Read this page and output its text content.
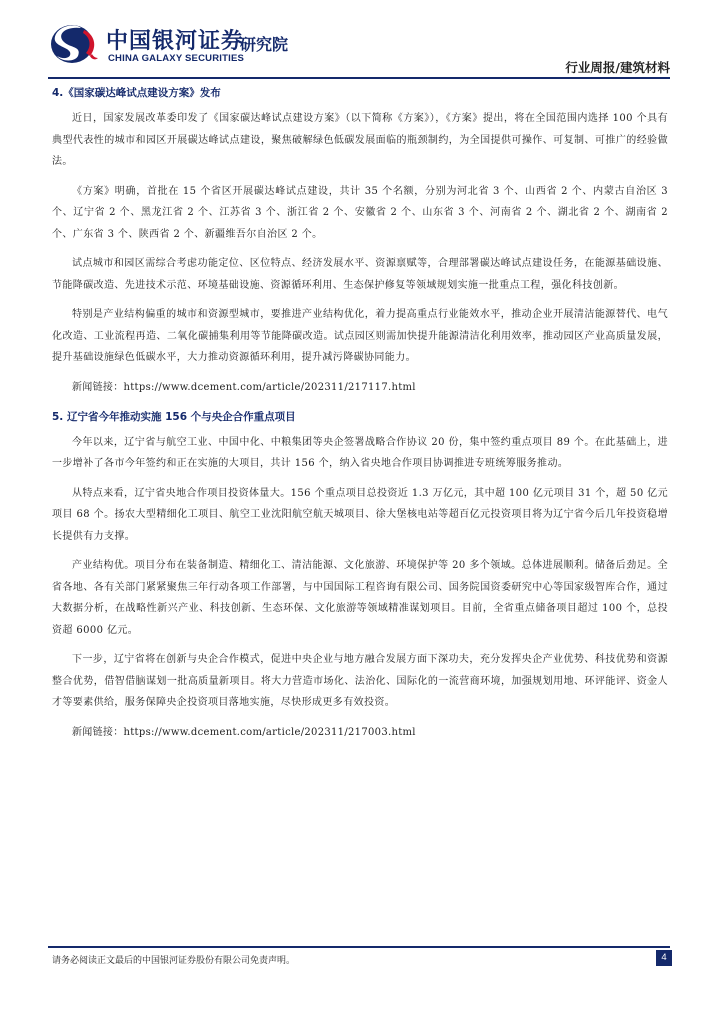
中国银河证券
CHINA GALAXY SECURITIES
研究院
行业周报/建筑材料
4.《国家碳达峰试点建设方案》发布

近日，国家发展改革委印发了《国家碳达峰试点建设方案》（以下简称《方案》），《方案》提出，将在全国范围内选择 100 个具有典型代表性的城市和园区开展碳达峰试点建设，聚焦破解绿色低碳发展面临的瓶颈制约，为全国提供可操作、可复制、可推广的经验做法。

《方案》明确，首批在 15 个省区开展碳达峰试点建设，共计 35 个名额，分别为河北省 3 个、山西省 2 个、内蒙古自治区 3 个、辽宁省 2 个、黑龙江省 2 个、江苏省 3 个、浙江省 2 个、安徽省 2 个、山东省 3 个、河南省 2 个、湖北省 2 个、湖南省 2 个、广东省 3 个、陕西省 2 个、新疆维吾尔自治区 2 个。

试点城市和园区需综合考虑功能定位、区位特点、经济发展水平、资源禀赋等，合理部署碳达峰试点建设任务，在能源基础设施、节能降碳改造、先进技术示范、环境基础设施、资源循环利用、生态保护修复等领域规划实施一批重点工程，强化科技创新。

特别是产业结构偏重的城市和资源型城市，要推进产业结构优化，着力提高重点行业能效水平，推动企业开展清洁能源替代、电气化改造、工业流程再造、二氧化碳捕集利用等节能降碳改造。试点园区则需加快提升能源清洁化利用效率，推动园区产业高质量发展，提升基础设施绿色低碳水平，大力推动资源循环利用，提升减污降碳协同能力。

新闻链接：https://www.dcement.com/article/202311/217117.html

5. 辽宁省今年推动实施 156 个与央企合作重点项目

今年以来，辽宁省与航空工业、中国中化、中粮集团等央企签署战略合作协议 20 份，集中签约重点项目 89 个。在此基础上，进一步增补了各市今年签约和正在实施的大项目，共计 156 个，纳入省央地合作项目协调推进专班统筹服务推动。

从特点来看，辽宁省央地合作项目投资体量大。156 个重点项目总投资近 1.3 万亿元，其中超 100 亿元项目 31 个，超 50 亿元项目 68 个。扬农大型精细化工项目、航空工业沈阳航空航天城项目、徐大堡核电站等超百亿元投资项目将为辽宁省今后几年投资稳增长提供有力支撑。

产业结构优。项目分布在装备制造、精细化工、清洁能源、文化旅游、环境保护等 20 多个领域。总体进展顺利。储备后劲足。全省各地、各有关部门紧紧聚焦三年行动各项工作部署，与中国国际工程咨询有限公司、国务院国资委研究中心等国家级智库合作，通过大数据分析，在战略性新兴产业、科技创新、生态环保、文化旅游等领域精准谋划项目。目前，全省重点储备项目超过 100 个，总投资超 6000 亿元。

下一步，辽宁省将在创新与央企合作模式，促进中央企业与地方融合发展方面下深功夫，充分发挥央企产业优势、科技优势和资源整合优势，借智借脑谋划一批高质量新项目。将大力营造市场化、法治化、国际化的一流营商环境，加强规划用地、环评能评、资金人才等要素供给，服务保障央企投资项目落地实施，尽快形成更多有效投资。

新闻链接：https://www.dcement.com/article/202311/217003.html

请务必阅读正文最后的中国银河证券股份有限公司免责声明。	4
